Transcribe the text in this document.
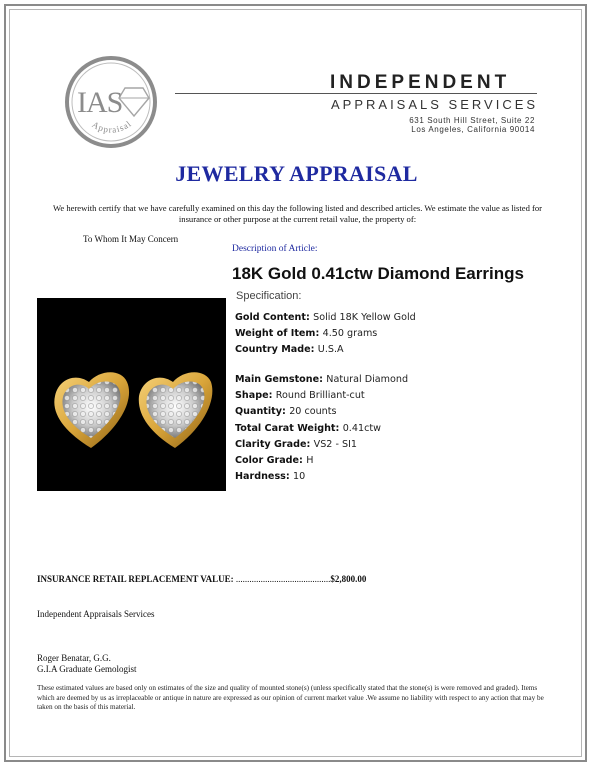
IAS
Appraisal
INDEPENDENT
APPRAISALS SERVICES
631 South Hill Street, Suite 22
Los Angeles, California 90014
JEWELRY APPRAISAL
We herewith certify that we have carefully examined on this day the following listed and described articles. We estimate the value as listed for insurance or other purpose at the current retail value, the property of:
To Whom It May Concern
Description of Article:
18K Gold 0.41ctw Diamond Earrings
Specification:
Gold Content: Solid 18K Yellow Gold
Weight of Item: 4.50 grams
Country Made: U.S.A
Main Gemstone: Natural Diamond
Shape: Round Brilliant-cut
Quantity: 20 counts
Total Carat Weight: 0.41ctw
Clarity Grade: VS2 - SI1
Color Grade: H
Hardness: 10
INSURANCE RETAIL REPLACEMENT VALUE: ..........................................$2,800.00
Independent Appraisals Services
Roger Benatar, G.G.
G.I.A Graduate Gemologist
These estimated values are based only on estimates of the size and quality of mounted stone(s) (unless specifically stated that the stone(s) is were removed and graded). Items which are deemed by us as irreplaceable or antique in nature are expressed as our opinion of current market value .We assume no liability with respect to any action that may be taken on the basis of this material.
